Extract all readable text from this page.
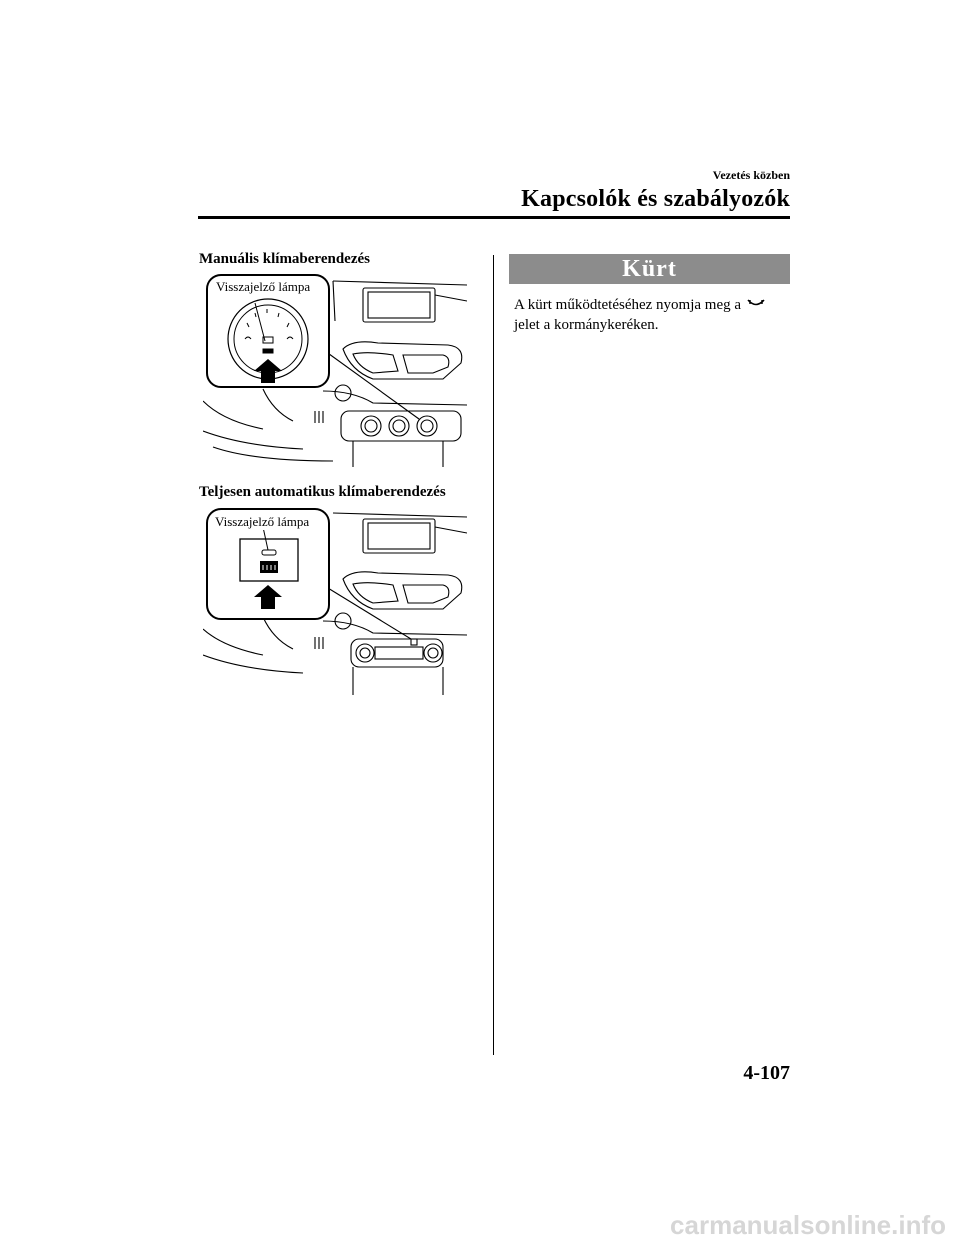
Vezetés közben
Kapcsolók és szabályozók
Manuális klímaberendezés
Teljesen automatikus klímaberendezés
Visszajelző lámpa
Visszajelző lámpa
Kürt
A kürt működtetéséhez nyomja meg a
jelet a kormánykeréken.
4-107
carmanualsonline.info
